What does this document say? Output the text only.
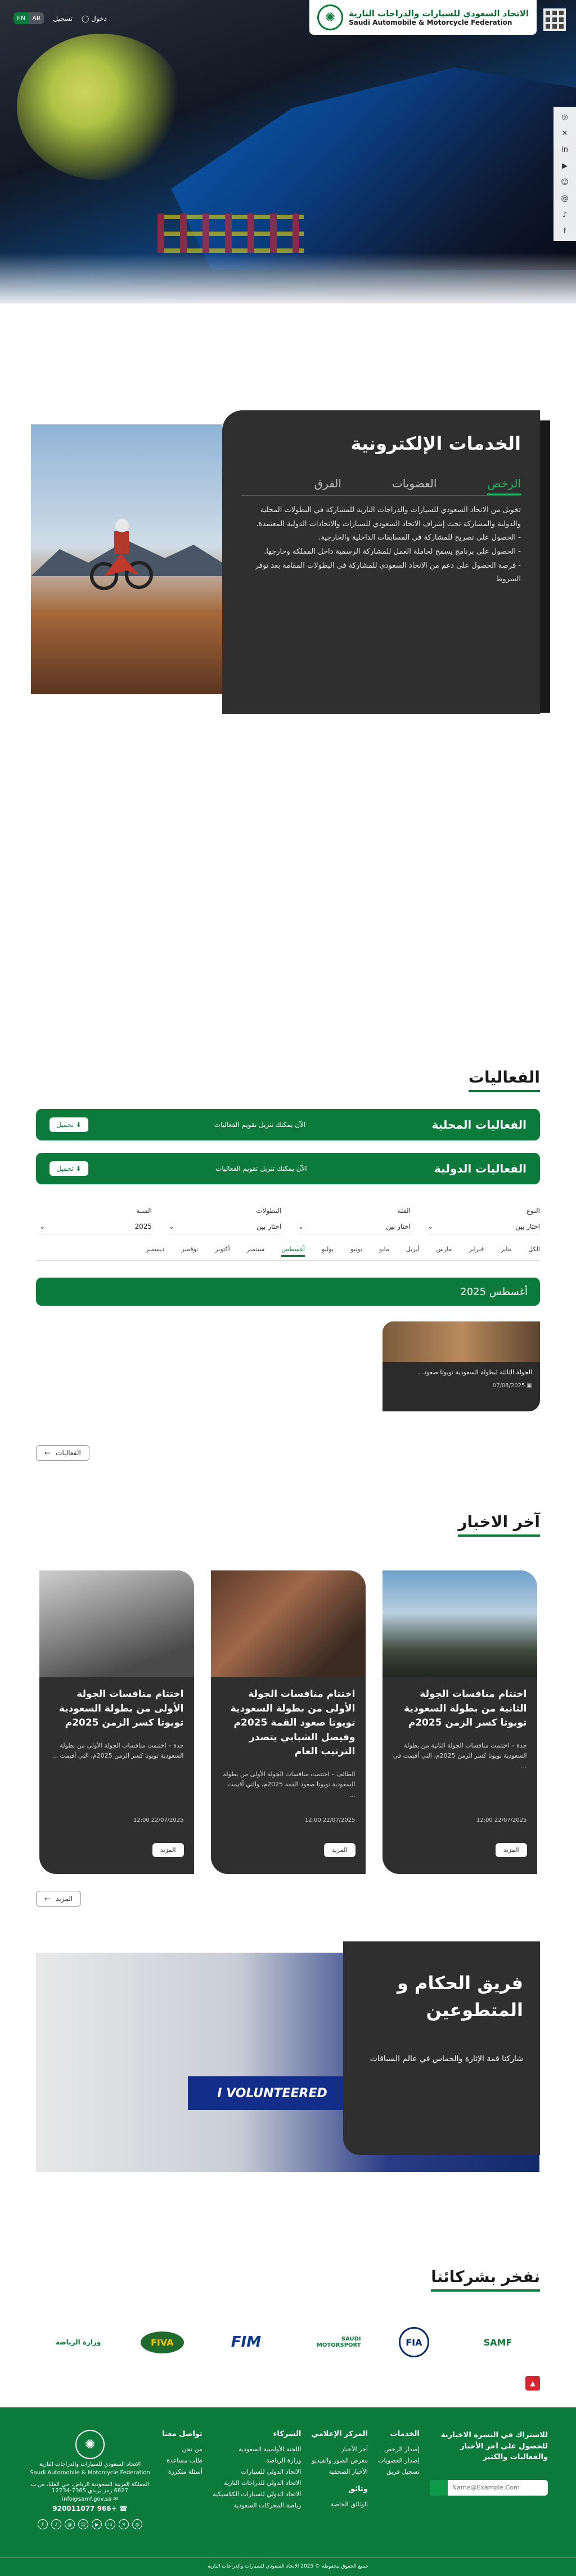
الاتحاد السعودي للسيارات والدراجات النارية
Saudi Automobile & Motorcycle Federation
✺
EN	AR	تسجيل ◯ دخول
◎
✕
in
▶
☺
@
♪
f
الخدمات الإلكترونية
الرخص
العضويات
الفرق

تخويل من الاتحاد السعودي للسيارات والدراجات النارية للمشاركة في البطولات المحلية والدولية والمشاركة تحت إشراف الاتحاد السعودي للسيارات والاتحادات الدولية المعتمدة.

- الحصول على تصريح للمشاركة في المسابقات الداخلية والخارجية.

- الحصول على برنامج يسمح لحاملة العمل للمشاركة الرسمية داخل المملكة وخارجها.

- فرصة الحصول على دعم من الاتحاد السعودي للمشاركة في البطولات المقامة بعد توفر الشروط

الفعاليات
الفعاليات المحلية
الآن يمكنك تنزيل تقويم الفعاليات
⬇ تحميل
الفعاليات الدولية
الآن يمكنك تنزيل تقويم الفعاليات
⬇ تحميل
النوع
اختار بين
⌄
الفئة
اختار بين
⌄
البطولات
اختار بين
⌄
السنة
2025
⌄
الكل
يناير
فبراير
مارس
أبريل
مايو
يونيو
يوليو
أغسطس
سبتمبر
أكتوبر
نوفمبر
ديسمبر
أغسطس 2025
الجولة الثالثة لبطولة السعودية تويوتا صعود...
▣ 07/08/2025
الفعاليات
←
آخر الاخبار
اختتام منافسات الجولة الثانية من بطولة السعودية تويوتا كسر الزمن 2025م

جدة – اختتمت منافسات الجولة الثانية من بطولة السعودية تويوتا كسر الزمن 2025م، التي أقيمت في ...

12:00 22/07/2025
المزيد
اختتام منافسات الجولة الأولى من بطولة السعودية تويوتا صعود القمة 2025م وفيصل الشبابي يتصدر الترتيب العام

الطائف – اختتمت منافسات الجولة الأولى من بطولة السعودية تويوتا صعود القمة 2025م، والتي أقيمت ...

12:00 22/07/2025
المزيد
اختتام منافسات الجولة الأولى من بطولة السعودية تويوتا كسر الزمن 2025م

جدة – اختتمت منافسات الجولة الأولى من بطولة السعودية تويوتا كسر الزمن 2025م، التي أقيمت ...

12:00 22/07/2025
المزيد
المزيد
←
I VOLUNTEERED
فريق الحكام و المتطوعين

شاركنا قمة الإثارة والحماس في عالم السباقات

نفخر بشركائنا
SAMF
FIA
SAUDI MOTORSPORT
FIM
FIVA
وزارة الرياضة
▲
للاشتراك في النشرة الاخبارية للحصول على آخر الأخبار والفعاليات والكثير
Name@Example.Com
الخدمات
إصدار الرخص
إصدار العضويات
تسجيل فريق
المركز الإعلامي
آخر الأخبار
معرض الصور والفيديو
الأخبار الصحفية
وثائق
الوثائق الخاصة
الشركاء
اللجنة الأولمبية السعودية
وزارة الرياضة
الاتحاد الدولي للسيارات
الاتحاد الدولي للدراجات النارية
الاتحاد الدولي للسيارات الكلاسيكية
رياضة المحركات السعودية
تواصل معنا
من نحن
طلب مساعدة
أسئلة متكررة
✺
الاتحاد السعودي للسيارات والدراجات النارية
Saudi Automobile & Motorcycle Federation
المملكة العربية السعودية الرياض، حي العليا، ص.ب 6827 رمز بريدي 7365-12734
✉ info@samf.gov.sa
☎ +966 920011077
f	♪	@	☺	▶	in	✕	◎
جميع الحقوق محفوظة © 2025 الاتحاد السعودي للسيارات والدراجات النارية
